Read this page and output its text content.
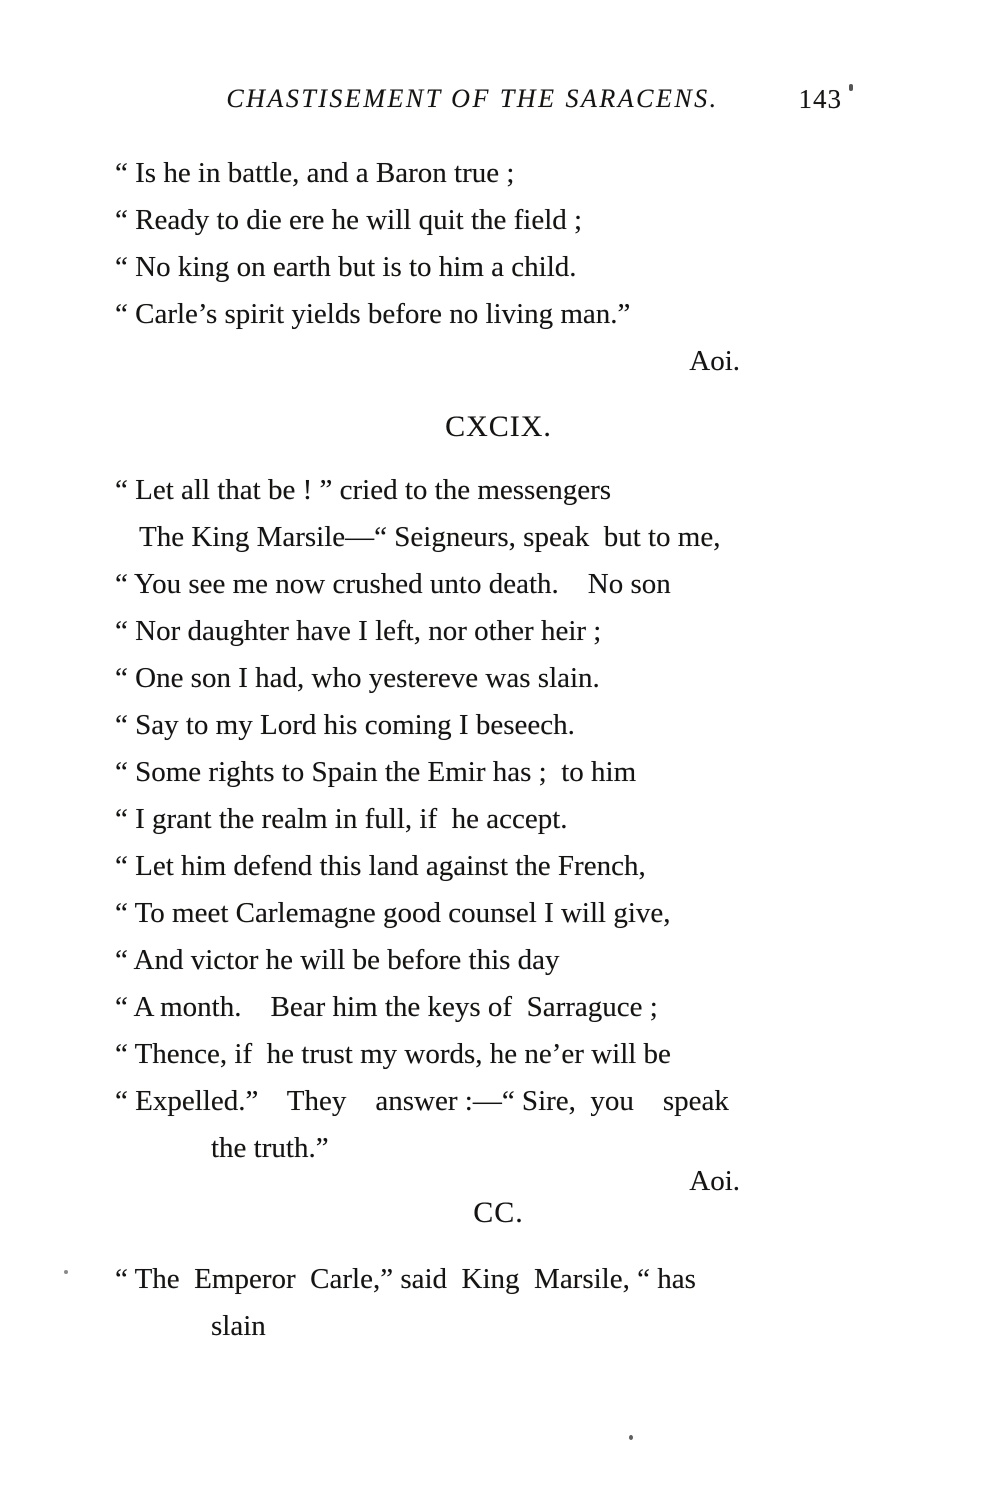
CHASTISEMENT OF THE SARACENS.	143
“ Is he in battle, and a Baron true ;
“ Ready to die ere he will quit the field ;
“ No king on earth but is to him a child.
“ Carle’s spirit yields before no living man.”
Aoi.
CXCIX.
“ Let all that be ! ” cried to the messengers
The King Marsile—“ Seigneurs, speak  but to me,
“ You see me now crushed unto death.    No son
“ Nor daughter have I left, nor other heir ;
“ One son I had, who yestereve was slain.
“ Say to my Lord his coming I beseech.
“ Some rights to Spain the Emir has ;  to him
“ I grant the realm in full, if  he accept.
“ Let him defend this land against the French,
“ To meet Carlemagne good counsel I will give,
“ And victor he will be before this day
“ A month.    Bear him the keys of  Sarraguce ;
“ Thence, if  he trust my words, he ne’er will be
“ Expelled.”    They    answer :—“ Sire,  you    speak
the truth.”
Aoi.
CC.
“ The  Emperor  Carle,” said  King  Marsile, “ has
slain
